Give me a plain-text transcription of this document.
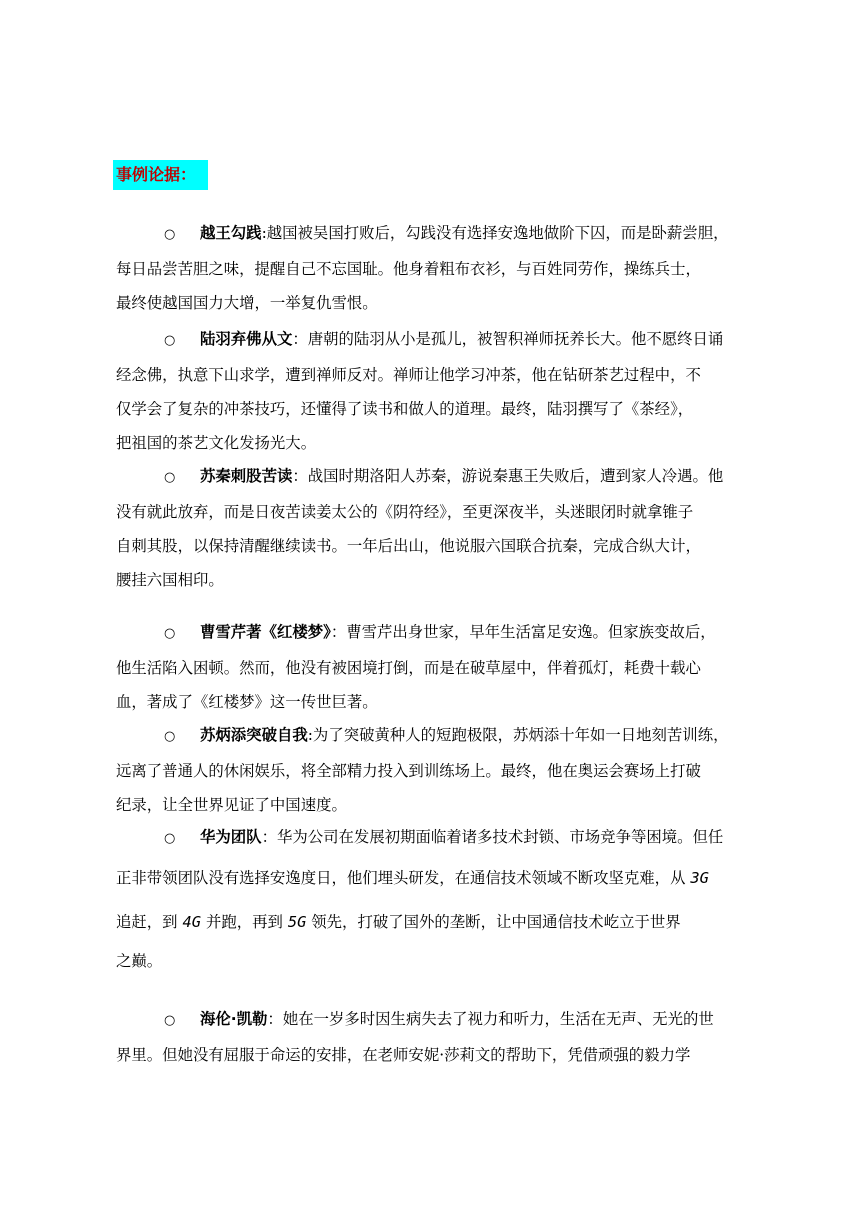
事例论据：
○ 越王勾践:越国被吴国打败后，勾践没有选择安逸地做阶下囚，而是卧薪尝胆，
每日品尝苦胆之味，提醒自己不忘国耻。他身着粗布衣衫，与百姓同劳作，操练兵士，
最终使越国国力大增，一举复仇雪恨。
○ 陆羽弃佛从文：唐朝的陆羽从小是孤儿，被智积禅师抚养长大。他不愿终日诵
经念佛，执意下山求学，遭到禅师反对。禅师让他学习冲茶，他在钻研茶艺过程中，不
仅学会了复杂的冲茶技巧，还懂得了读书和做人的道理。最终，陆羽撰写了《茶经》，
把祖国的茶艺文化发扬光大。
○ 苏秦刺股苦读：战国时期洛阳人苏秦，游说秦惠王失败后，遭到家人冷遇。他
没有就此放弃，而是日夜苦读姜太公的《阴符经》，至更深夜半，头迷眼闭时就拿锥子
自刺其股，以保持清醒继续读书。一年后出山，他说服六国联合抗秦，完成合纵大计，
腰挂六国相印。
○ 曹雪芹著《红楼梦》：曹雪芹出身世家，早年生活富足安逸。但家族变故后，
他生活陷入困顿。然而，他没有被困境打倒，而是在破草屋中，伴着孤灯，耗费十载心
血，著成了《红楼梦》这一传世巨著。
○ 苏炳添突破自我:为了突破黄种人的短跑极限，苏炳添十年如一日地刻苦训练，
远离了普通人的休闲娱乐，将全部精力投入到训练场上。最终，他在奥运会赛场上打破
纪录，让全世界见证了中国速度。
○ 华为团队：华为公司在发展初期面临着诸多技术封锁、市场竞争等困境。但任
正非带领团队没有选择安逸度日，他们埋头研发，在通信技术领域不断攻坚克难，从 3G
追赶，到 4G 并跑，再到 5G 领先，打破了国外的垄断，让中国通信技术屹立于世界
之巅。
○ 海伦·凯勒：她在一岁多时因生病失去了视力和听力，生活在无声、无光的世
界里。但她没有屈服于命运的安排，在老师安妮·莎莉文的帮助下，凭借顽强的毅力学
